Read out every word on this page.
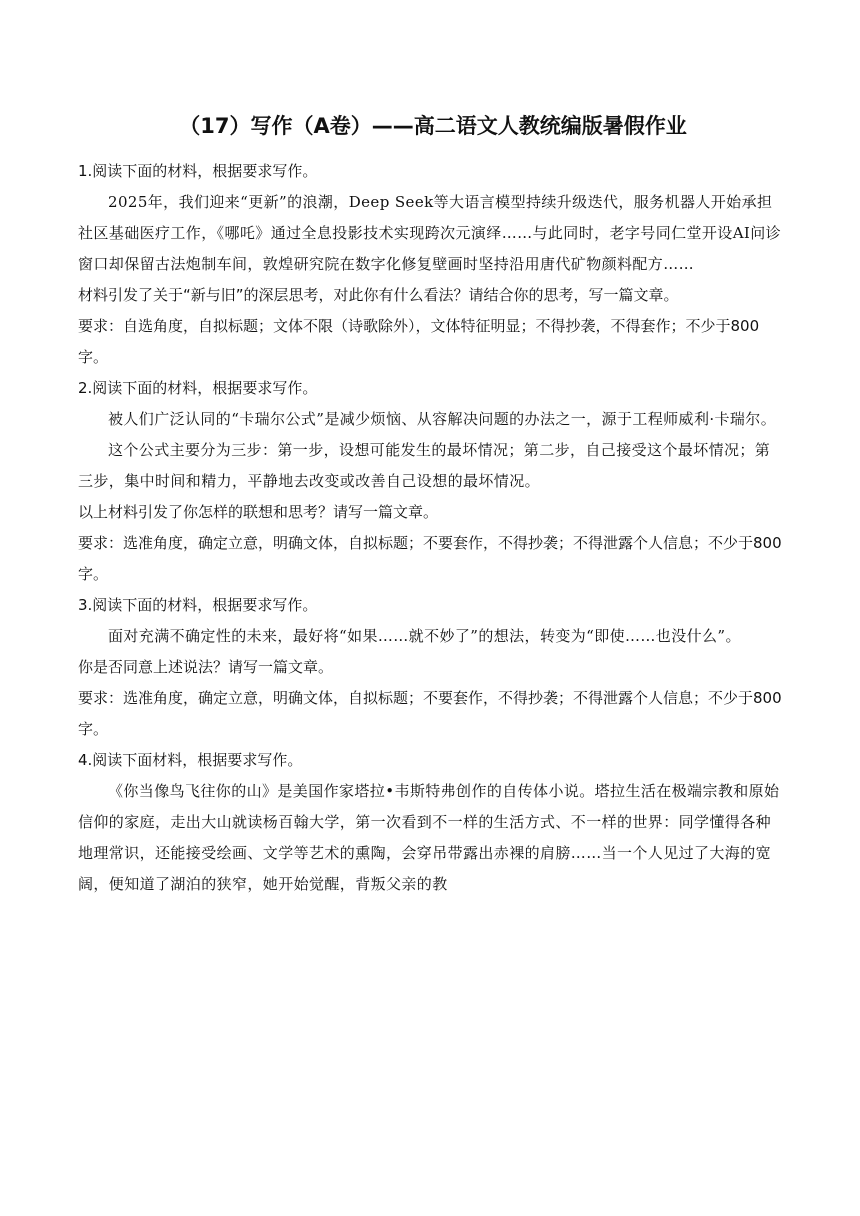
（17）写作（A卷）——高二语文人教统编版暑假作业

1.阅读下面的材料，根据要求写作。

2025年，我们迎来“更新”的浪潮，Deep Seek等大语言模型持续升级迭代，服务机器人开始承担社区基础医疗工作，《哪吒》通过全息投影技术实现跨次元演绎……与此同时，老字号同仁堂开设AI问诊窗口却保留古法炮制车间，敦煌研究院在数字化修复壁画时坚持沿用唐代矿物颜料配方……

材料引发了关于“新与旧”的深层思考，对此你有什么看法？请结合你的思考，写一篇文章。

要求：自选角度，自拟标题；文体不限（诗歌除外），文体特征明显；不得抄袭，不得套作；不少于800字。

2.阅读下面的材料，根据要求写作。

被人们广泛认同的“卡瑞尔公式”是减少烦恼、从容解决问题的办法之一，源于工程师威利·卡瑞尔。

这个公式主要分为三步：第一步，设想可能发生的最坏情况；第二步，自己接受这个最坏情况；第三步，集中时间和精力，平静地去改变或改善自己设想的最坏情况。

以上材料引发了你怎样的联想和思考？请写一篇文章。

要求：选准角度，确定立意，明确文体，自拟标题；不要套作，不得抄袭；不得泄露个人信息；不少于800字。

3.阅读下面的材料，根据要求写作。

面对充满不确定性的未来，最好将“如果……就不妙了”的想法，转变为“即使……也没什么”。

你是否同意上述说法？请写一篇文章。

要求：选准角度，确定立意，明确文体，自拟标题；不要套作，不得抄袭；不得泄露个人信息；不少于800字。

4.阅读下面材料，根据要求写作。

《你当像鸟飞往你的山》是美国作家塔拉•韦斯特弗创作的自传体小说。塔拉生活在极端宗教和原始信仰的家庭，走出大山就读杨百翰大学，第一次看到不一样的生活方式、不一样的世界：同学懂得各种地理常识，还能接受绘画、文学等艺术的熏陶，会穿吊带露出赤裸的肩膀……当一个人见过了大海的宽阔，便知道了湖泊的狭窄，她开始觉醒，背叛父亲的教
